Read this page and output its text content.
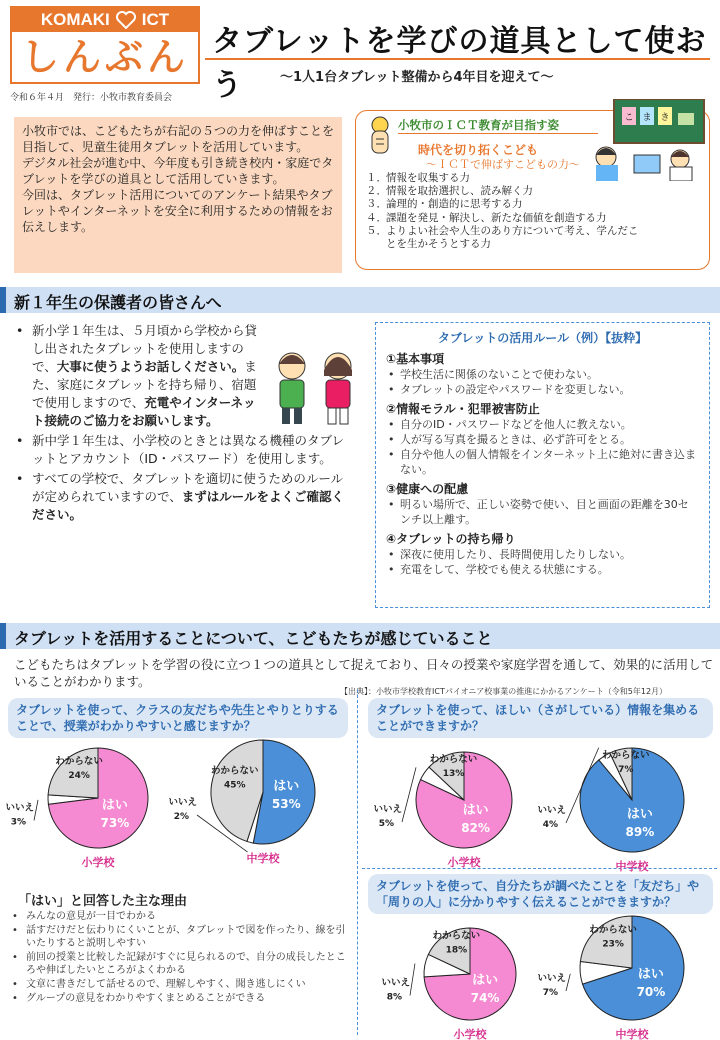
KOMAKI ICT
しんぶん タブレットを学びの道具として使おう	～1人1台タブレット整備から4年目を迎えて～
令和６年４月　発行：小牧市教育委員会

小牧市では、こどもたちが右記の５つの力を伸ばすことを目指して、児童生徒用タブレットを活用しています。

デジタル社会が進む中、今年度も引き続き校内・家庭でタブレットを学びの道具として活用していきます。

今回は、タブレット活用についてのアンケート結果やタブレットやインターネットを安全に利用するための情報をお伝えします。

小牧市のＩＣＴ教育が目指す姿
時代を切り拓くこども
～ＩＣＴで伸ばすこどもの力～
こ ま き
１． 情報を収集する力
２． 情報を取捨選択し、読み解く力
３． 論理的・創造的に思考する力
４． 課題を発見・解決し、新たな価値を創造する力
５． よりよい社会や人生のあり方について考え、学んだことを生かそうとする力
新１年生の保護者の皆さんへ
• 新小学１年生は、５月頃から学校から貸し出されたタブレットを使用しますので、大事に使うようお話しください。また、家庭にタブレットを持ち帰り、宿題で使用しますので、充電やインターネット接続のご協力をお願いします。
• 新中学１年生は、小学校のときとは異なる機種のタブレットとアカウント（ID・パスワード）を使用します。
• すべての学校で、タブレットを適切に使うためのルールが定められていますので、まずはルールをよくご確認ください。
タブレットの活用ルール（例）【抜粋】
①基本事項
• 学校生活に関係のないことで使わない。
• タブレットの設定やパスワードを変更しない。
②情報モラル・犯罪被害防止
• 自分のID・パスワードなどを他人に教えない。
• 人が写る写真を撮るときは、必ず許可をとる。
• 自分や他人の個人情報をインターネット上に絶対に書き込まない。
③健康への配慮
• 明るい場所で、正しい姿勢で使い、目と画面の距離を30センチ以上離す。
④タブレットの持ち帰り
• 深夜に使用したり、長時間使用したりしない。
• 充電をして、学校でも使える状態にする。
タブレットを活用することについて、こどもたちが感じていること
こどもたちはタブレットを学習の役に立つ１つの道具として捉えており、日々の授業や家庭学習を通して、効果的に活用していることがわかります。
【出典】：小牧市学校教育ICTパイオニア校事業の推進にかかるアンケート（令和5年12月）
タブレットを使って、クラスの友だちや先生とやりとりすることで、授業がわかりやすいと感じますか？
タブレットを使って、ほしい（さがしている）情報を集めることができますか？
タブレットを使って、自分たちが調べたことを「友だち」や「周りの人」に分かりやすく伝えることができますか？
はい
73%
いいえ
3%
わからない
24%
小学校
はい
53%
いいえ
2%
わからない
45%
中学校
はい
82%
いいえ
5%
わからない
13%
小学校
はい
89%
いいえ
4%
わからない
7%
中学校
はい
74%
いいえ
8%
わからない
18%
小学校
はい
70%
いいえ
7%
わからない
23%
中学校
「はい」と回答した主な理由
• みんなの意見が一目でわかる
• 話すだけだと伝わりにくいことが、タブレットで図を作ったり、線を引いたりすると説明しやすい
• 前回の授業と比較した記録がすぐに見られるので、自分の成長したところや伸ばしたいところがよくわかる
• 文章に書きだして話せるので、理解しやすく、聞き逃しにくい
• グループの意見をわかりやすくまとめることができる
